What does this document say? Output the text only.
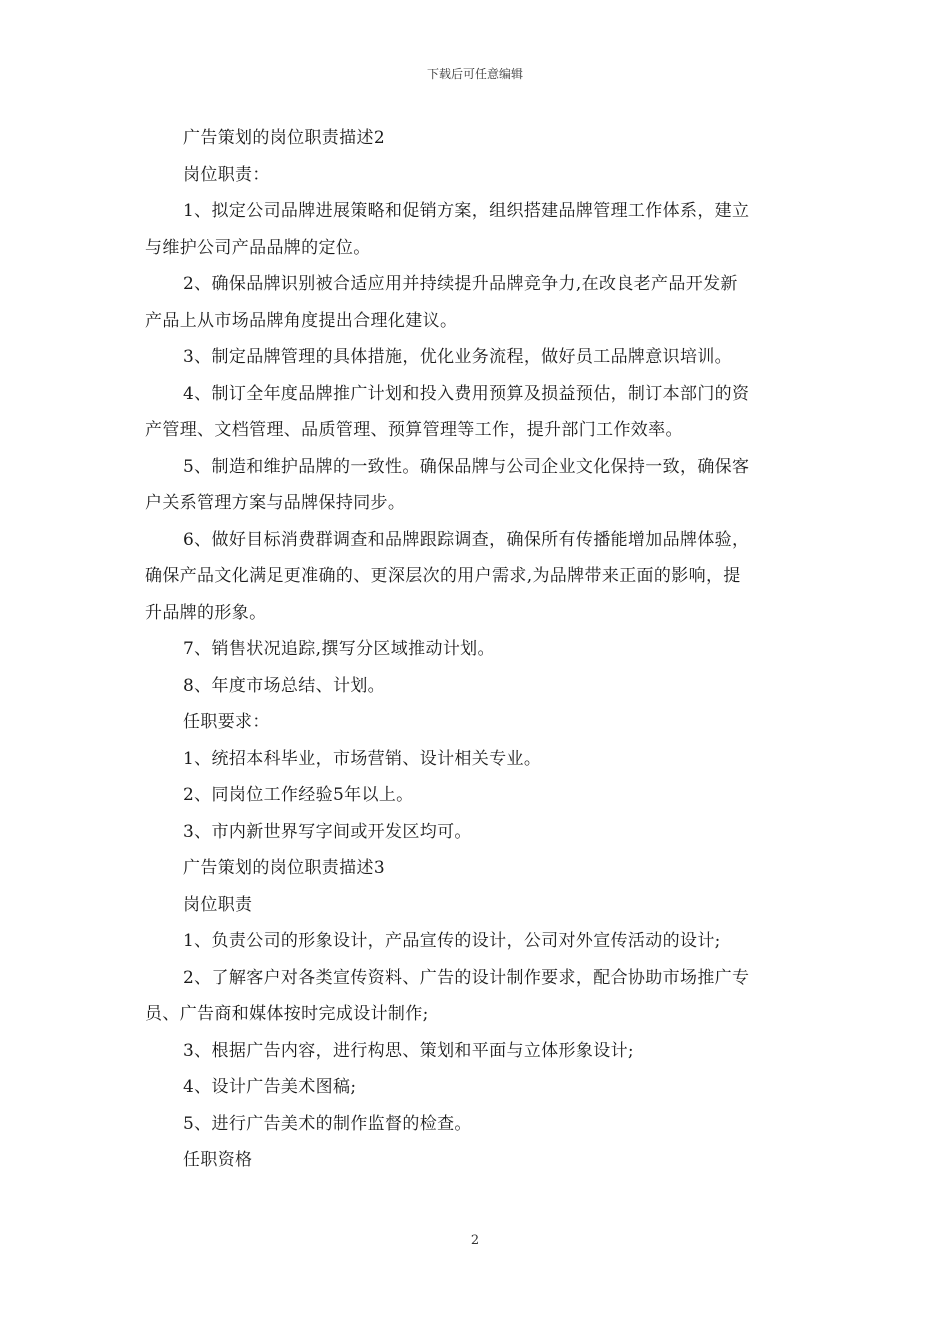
下载后可任意编辑
广告策划的岗位职责描述2
岗位职责：
1、拟定公司品牌进展策略和促销方案，组织搭建品牌管理工作体系，建立
与维护公司产品品牌的定位。
2、确保品牌识别被合适应用并持续提升品牌竞争力,在改良老产品开发新
产品上从市场品牌角度提出合理化建议。
3、制定品牌管理的具体措施，优化业务流程，做好员工品牌意识培训。
4、制订全年度品牌推广计划和投入费用预算及损益预估，制订本部门的资
产管理、文档管理、品质管理、预算管理等工作，提升部门工作效率。
5、制造和维护品牌的一致性。确保品牌与公司企业文化保持一致，确保客
户关系管理方案与品牌保持同步。
6、做好目标消费群调查和品牌跟踪调查，确保所有传播能增加品牌体验，
确保产品文化满足更准确的、更深层次的用户需求,为品牌带来正面的影响，提
升品牌的形象。
7、销售状况追踪,撰写分区域推动计划。
8、年度市场总结、计划。
任职要求：
1、统招本科毕业，市场营销、设计相关专业。
2、同岗位工作经验5年以上。
3、市内新世界写字间或开发区均可。
广告策划的岗位职责描述3
岗位职责
1、负责公司的形象设计，产品宣传的设计，公司对外宣传活动的设计;
2、了解客户对各类宣传资料、广告的设计制作要求，配合协助市场推广专
员、广告商和媒体按时完成设计制作;
3、根据广告内容，进行构思、策划和平面与立体形象设计;
4、设计广告美术图稿;
5、进行广告美术的制作监督的检查。
任职资格
2
